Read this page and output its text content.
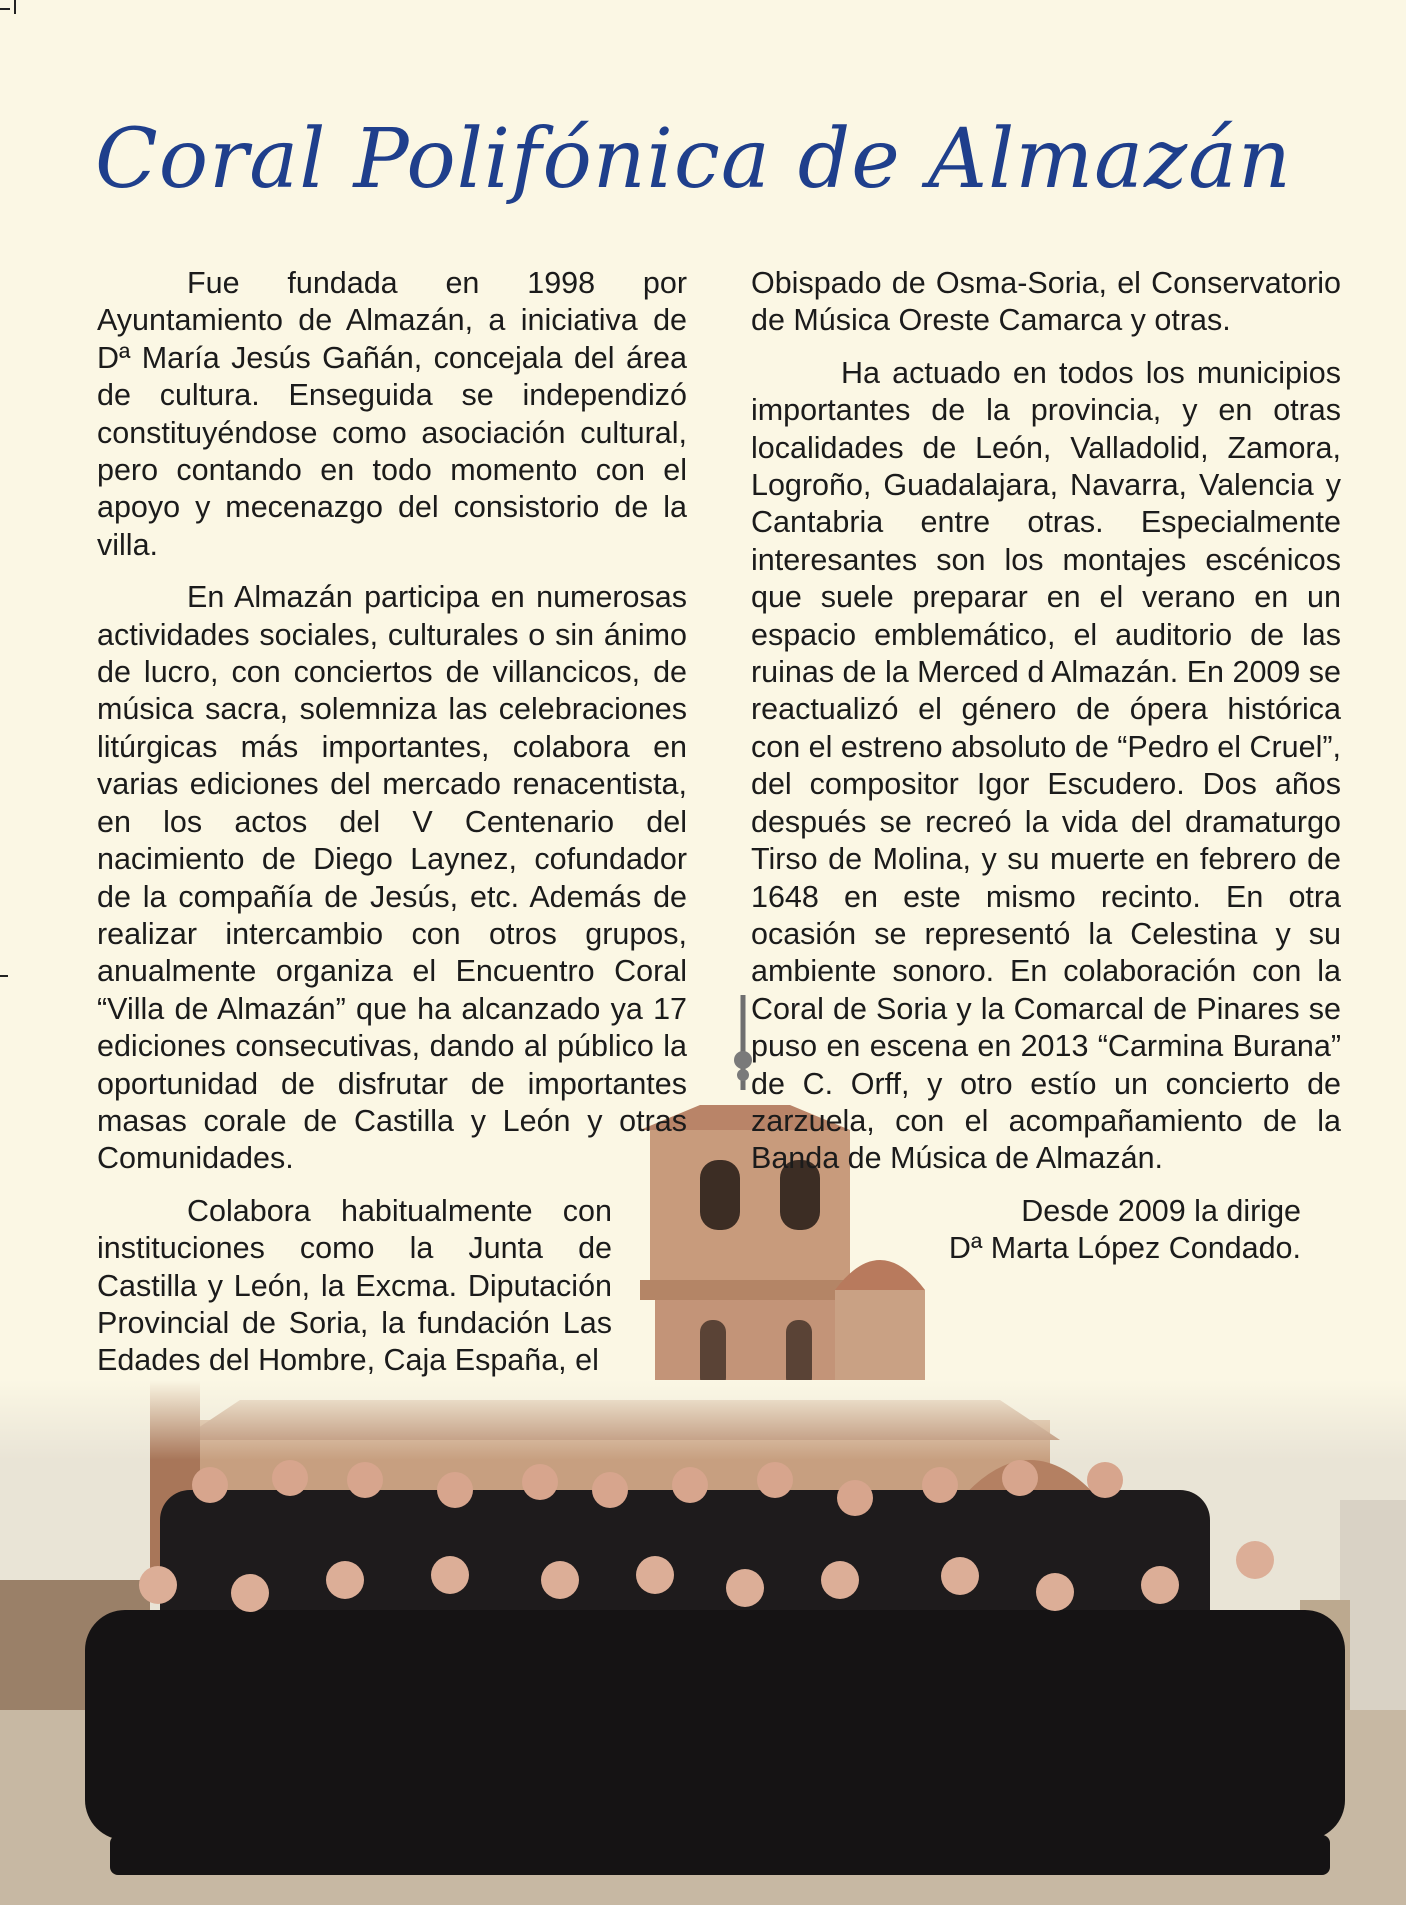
Coral Polifónica de Almazán

Fue fundada en 1998 por Ayuntamiento de Almazán, a iniciativa de Dª María Jesús Gañán, concejala del área de cultura. Enseguida se independizó constituyéndose como asociación cultural, pero contando en todo momento con el apoyo y mecenazgo del consistorio de la villa.

En Almazán participa en numerosas actividades sociales, culturales o sin ánimo de lucro, con conciertos de villancicos, de música sacra, solemniza las celebraciones litúrgicas más importantes, colabora en varias ediciones del mercado renacentista, en los actos del V Centenario del nacimiento de Diego Laynez, cofundador de la compañía de Jesús, etc. Además de realizar intercambio con otros grupos, anualmente organiza el Encuentro Coral “Villa de Almazán” que ha alcanzado ya 17 ediciones consecutivas, dando al público la oportunidad de disfrutar de importantes masas corale de Castilla y León y otras Comunidades.

Colabora habitualmente con instituciones como la Junta de Castilla y León, la Excma. Diputación Provincial de Soria, la fundación Las Edades del Hombre, Caja España, el

Obispado de Osma-Soria, el Conservatorio de Música Oreste Camarca y otras.

Ha actuado en todos los municipios importantes de la provincia, y en otras localidades de León, Valladolid, Zamora, Logroño, Guadalajara, Navarra, Valencia y Cantabria entre otras. Especialmente interesantes son los montajes escénicos que suele preparar en el verano en un espacio emblemático, el auditorio de las ruinas de la Merced d Almazán. En 2009 se reactualizó el género de ópera histórica con el estreno absoluto de “Pedro el Cruel”, del compositor Igor Escudero. Dos años después se recreó la vida del dramaturgo Tirso de Molina, y su muerte en febrero de 1648 en este mismo recinto. En otra ocasión se representó la Celestina y su ambiente sonoro. En colaboración con la Coral de Soria y la Comarcal de Pinares se puso en escena en 2013 “Carmina Burana” de C. Orff, y otro estío un concierto de zarzuela, con el acompañamiento de la Banda de Música de Almazán.

Desde 2009 la dirige

Dª Marta López Condado.
